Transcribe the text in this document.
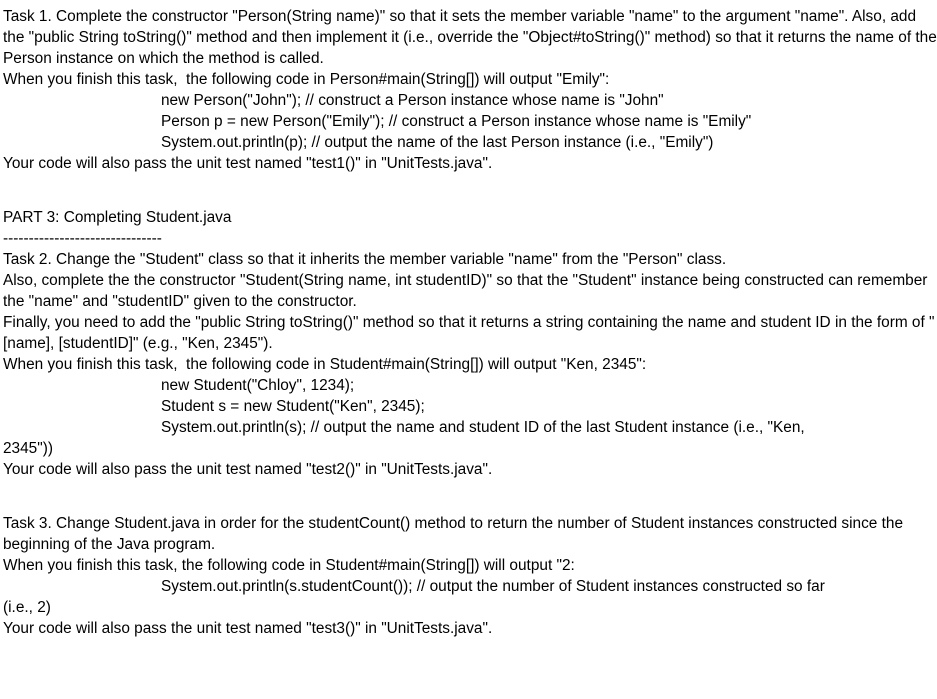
Task 1. Complete the constructor "Person(String name)" so that it sets the member variable "name" to the argument "name". Also, add the "public String toString()" method and then implement it (i.e., override the "Object#toString()" method) so that it returns the name of the Person instance on which the method is called.

When you finish this task,  the following code in Person#main(String[]) will output "Emily":

new Person("John"); // construct a Person instance whose name is "John"

Person p = new Person("Emily"); // construct a Person instance whose name is "Emily"

System.out.println(p); // output the name of the last Person instance (i.e., "Emily")

Your code will also pass the unit test named "test1()" in "UnitTests.java".

PART 3: Completing Student.java

-------------------------------

Task 2. Change the "Student" class so that it inherits the member variable "name" from the "Person" class.

Also, complete the the constructor "Student(String name, int studentID)" so that the "Student" instance being constructed can remember the "name" and "studentID" given to the constructor.

Finally, you need to add the "public String toString()" method so that it returns a string containing the name and student ID in the form of "[name], [studentID]" (e.g., "Ken, 2345").

When you finish this task,  the following code in Student#main(String[]) will output "Ken, 2345":

new Student("Chloy", 1234);

Student s = new Student("Ken", 2345);

System.out.println(s); // output the name and student ID of the last Student instance (i.e., "Ken,

2345"))

Your code will also pass the unit test named "test2()" in "UnitTests.java".

Task 3. Change Student.java in order for the studentCount() method to return the number of Student instances constructed since the beginning of the Java program.

When you finish this task, the following code in Student#main(String[]) will output "2:

System.out.println(s.studentCount()); // output the number of Student instances constructed so far

(i.e., 2)

Your code will also pass the unit test named "test3()" in "UnitTests.java".
